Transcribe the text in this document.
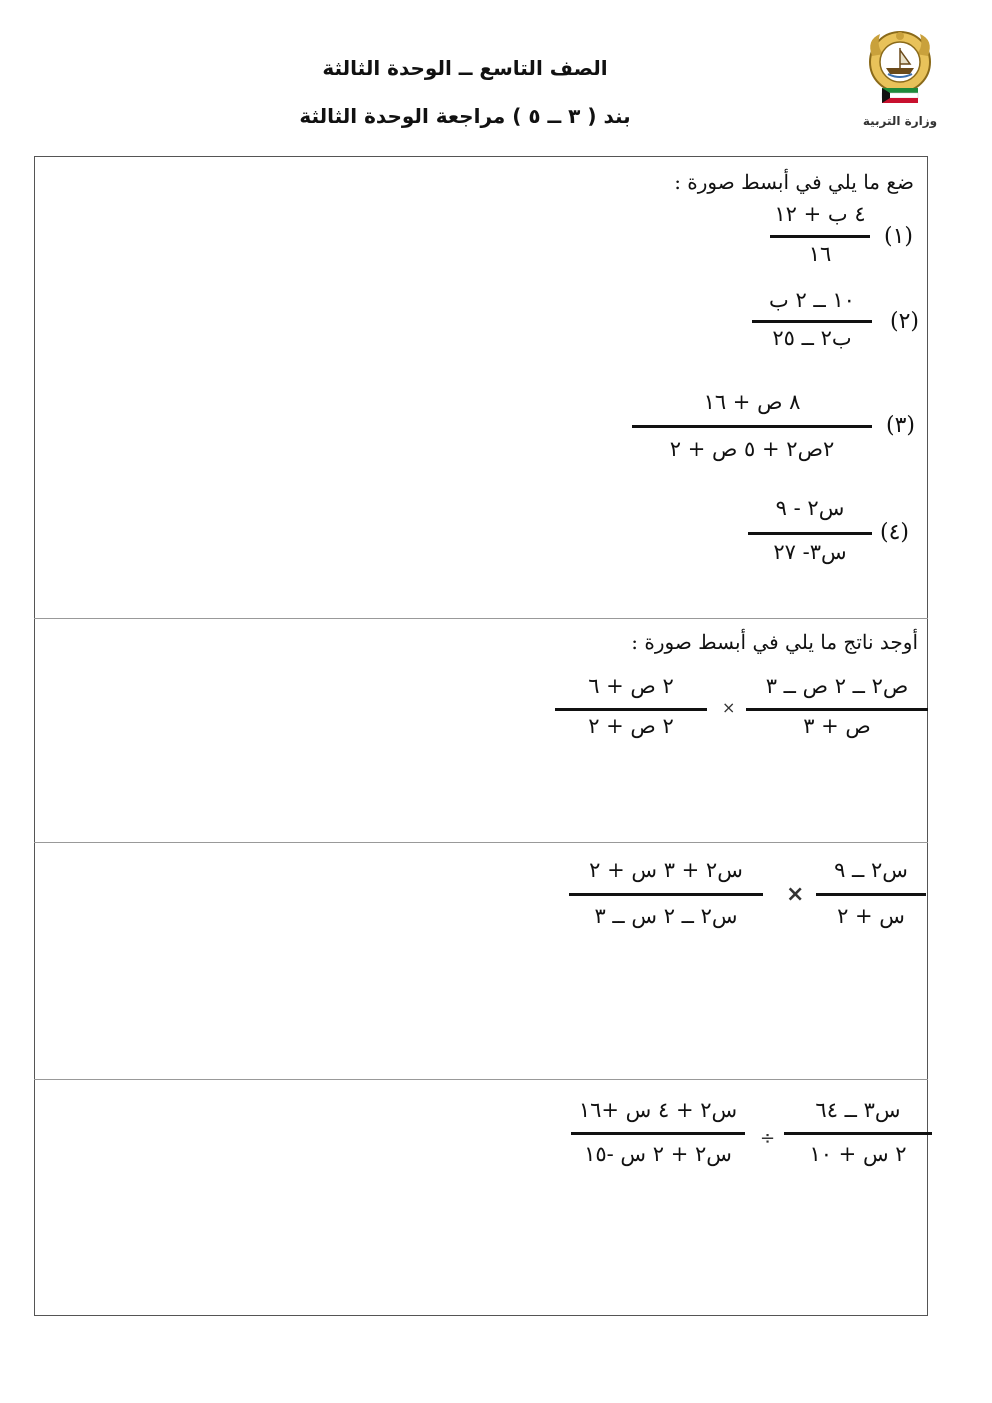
الصف التاسع ــ الوحدة الثالثة
بند ( ٣ ــ ٥ ) مراجعة الوحدة الثالثة	وزارة التربية
ضع ما يلي في أبسط صورة :
(١)
٤ ب + ١٢
١٦
(٢)
١٠ ــ ٢ ب
ب٢ ــ ٢٥
(٣)
٨ ص + ١٦
٢ص٢ + ٥ ص + ٢
(٤)
س٢ - ٩
س٣- ٢٧
أوجد ناتج ما يلي في أبسط صورة :
ص٢ ــ ٢ ص ــ ٣
ص + ٣
×
٢ ص + ٦
٢ ص + ٢
س٢ ــ ٩
س + ٢
×
س٢ + ٣ س + ٢
س٢ ــ ٢ س ــ ٣
س٣ ــ ٦٤
٢ س + ١٠
÷
س٢ + ٤ س +١٦
س٢ + ٢ س -١٥
